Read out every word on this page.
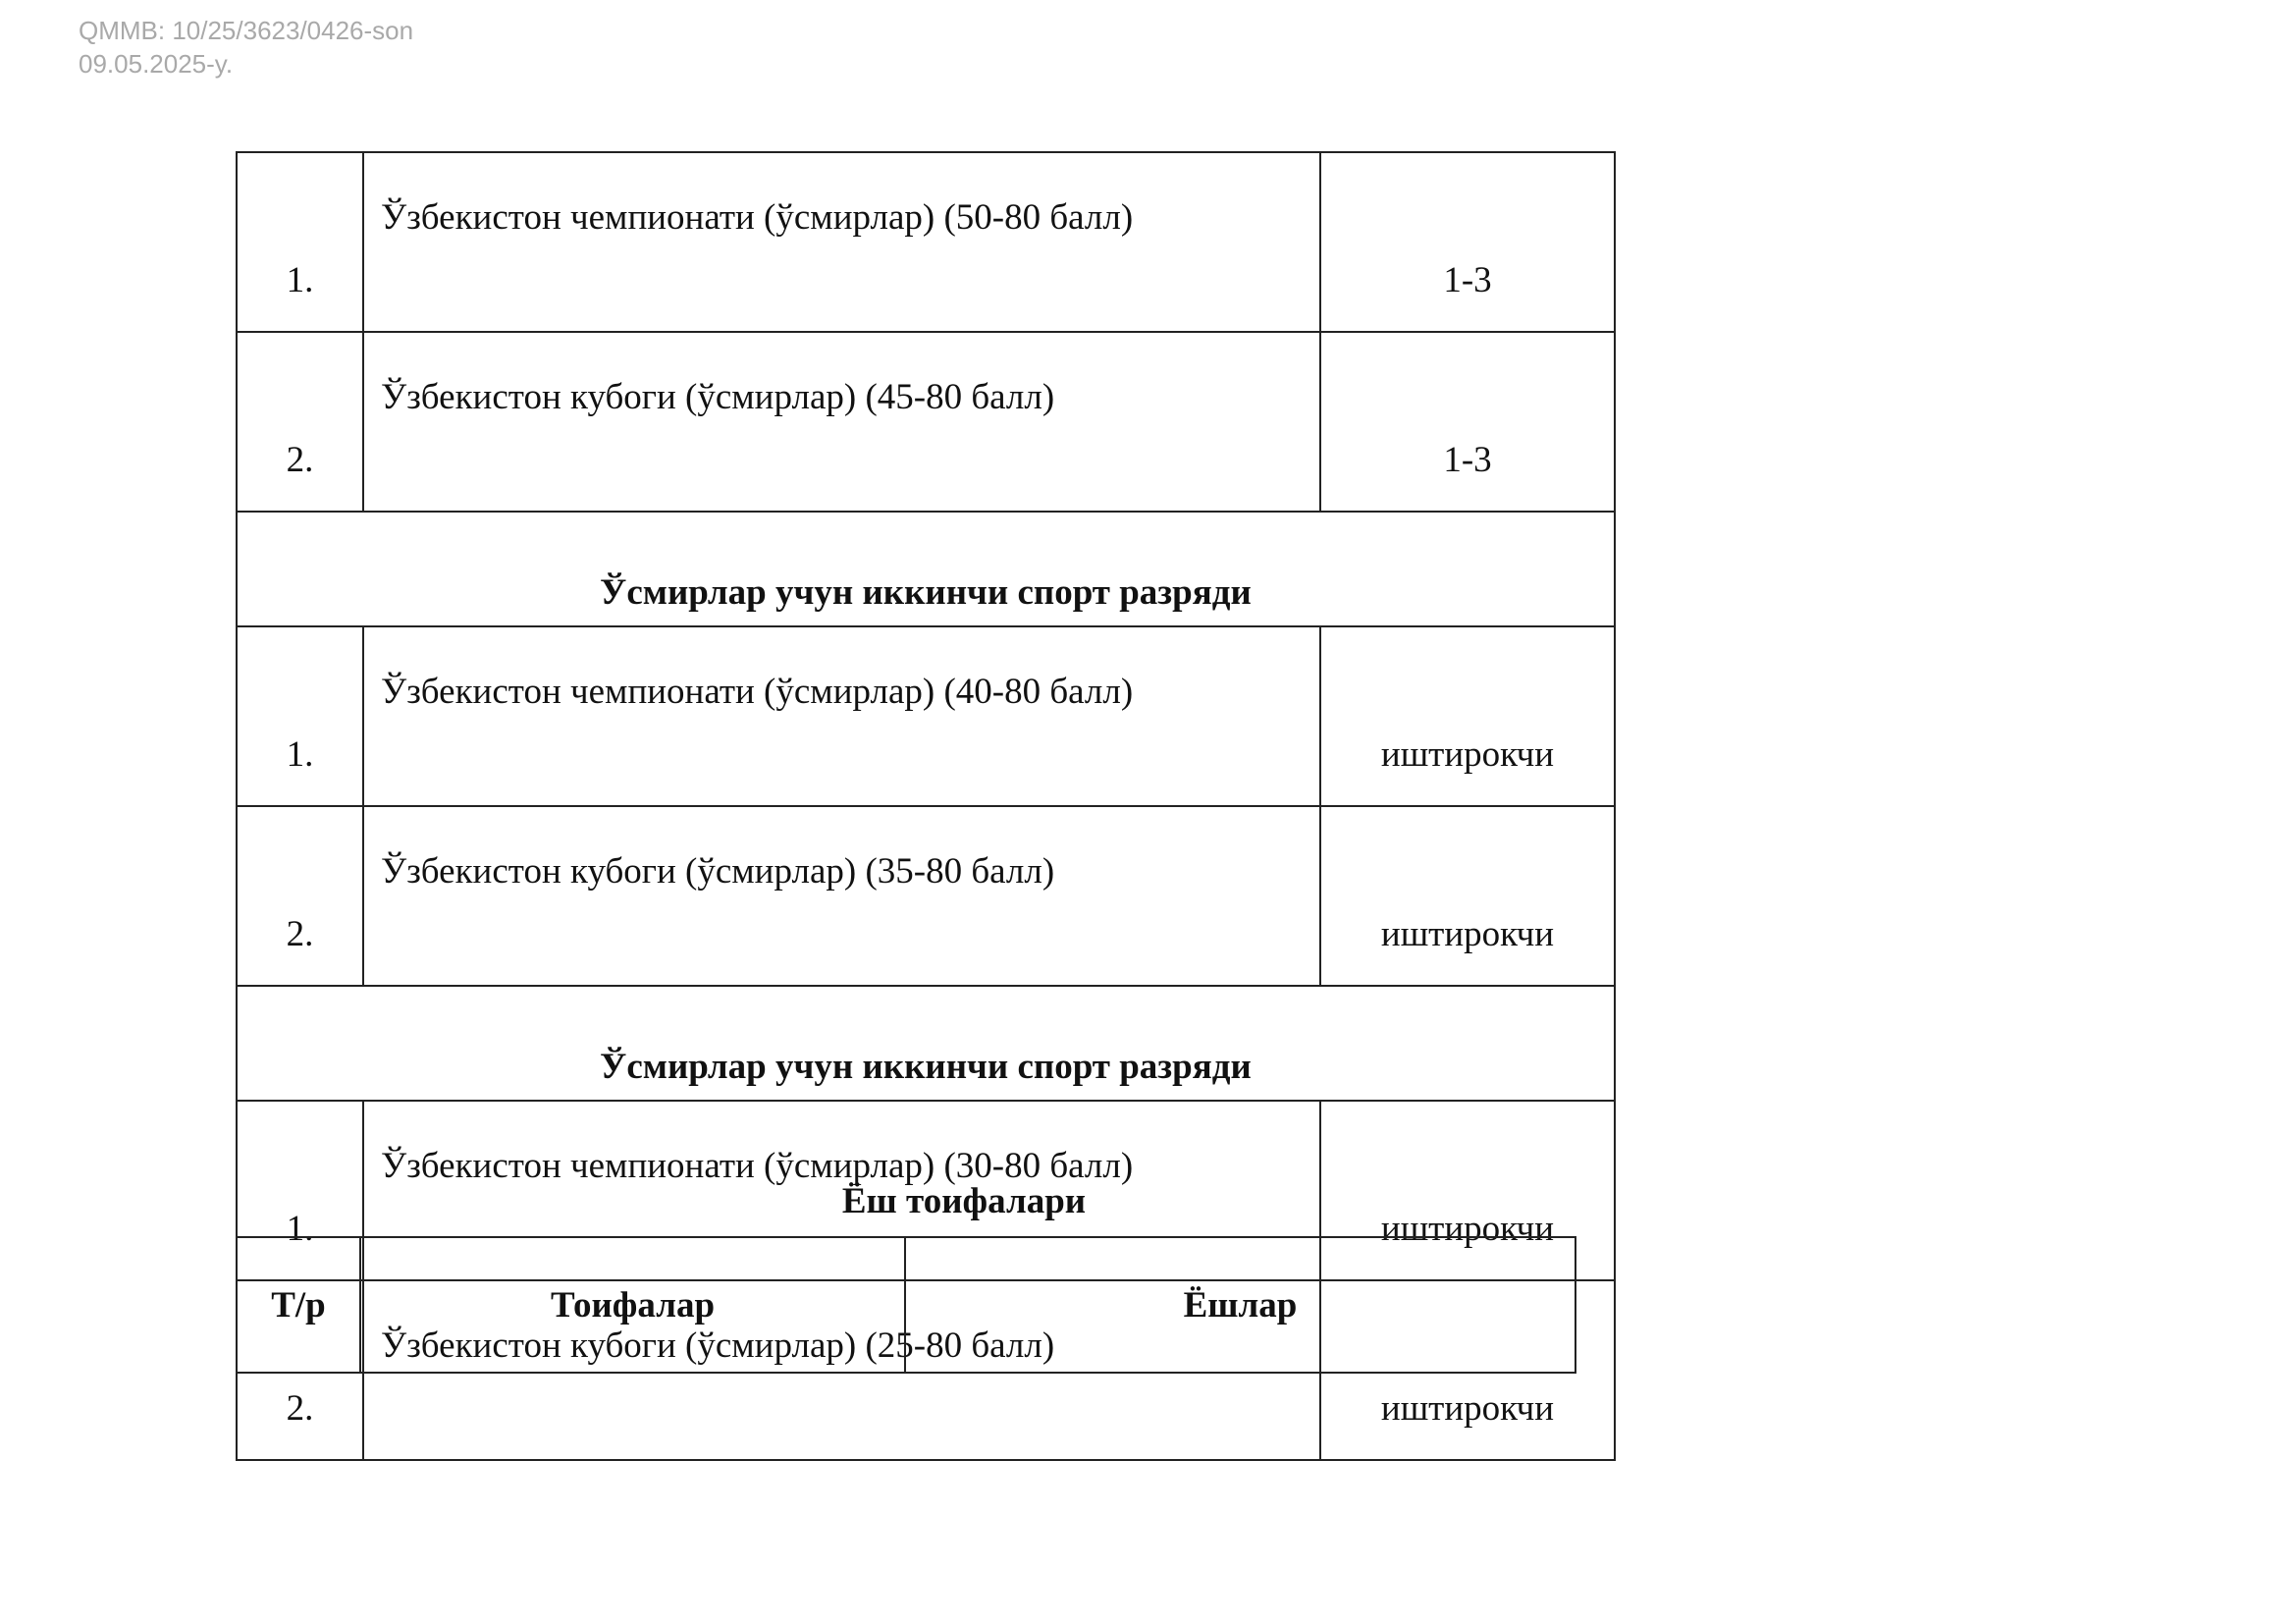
QMMB: 10/25/3623/0426-son
09.05.2025-y.
1.	Ўзбекистон чемпионати (ўсмирлар) (50-80 балл)	1-3
2.	Ўзбекистон кубоги (ўсмирлар) (45-80 балл)	1-3
Ўсмирлар учун иккинчи спорт разряди		
1.	Ўзбекистон чемпионати (ўсмирлар) (40-80 балл)	иштирокчи
2.	Ўзбекистон кубоги (ўсмирлар) (35-80 балл)	иштирокчи
Ўсмирлар учун иккинчи спорт разряди		
1.	Ўзбекистон чемпионати (ўсмирлар) (30-80 балл)	иштирокчи
2.	Ўзбекистон кубоги (ўсмирлар) (25-80 балл)	иштирокчи
Ёш тоифалари
Т/р	Тоифалар	Ёшлар
